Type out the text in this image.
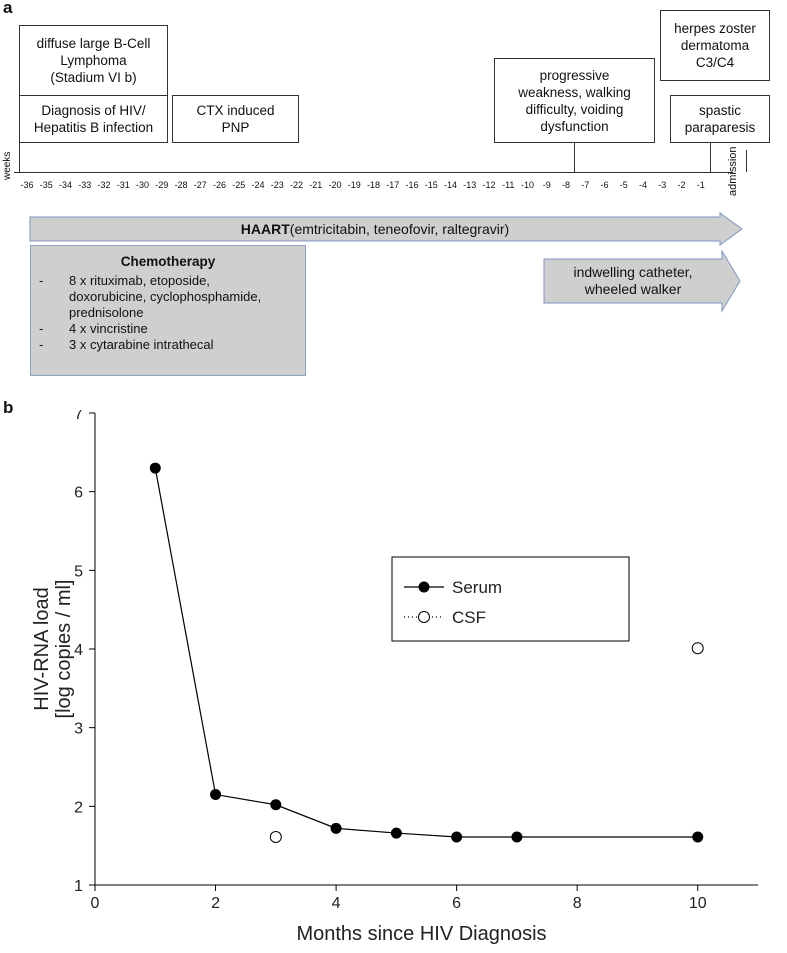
a
diffuse large B-Cell
Lymphoma
(Stadium VI b)
Diagnosis of HIV/
Hepatitis B infection
CTX induced
PNP
progressive
weakness, walking
difficulty, voiding
dysfunction
herpes zoster
dermatoma
C3/C4
spastic
paraparesis
weeks
-36 -35 -34 -33 -32 -31 -30 -29 -28 -27 -26 -25 -24 -23 -22 -21 -20 -19 -18 -17 -16 -15 -14 -13 -12 -11 -10 -9 -8 -7 -6 -5 -4 -3 -2 -1 admission
HAART (emtricitabin, teneofovir, raltegravir)
indwelling catheter,
wheeled walker
Chemotherapy
- 8 x rituximab, etoposide,
doxorubicine, cyclophosphamide,
prednisolone
- 4 x vincristine
- 3 x cytarabine intrathecal
b
0	2	4	6	8	10
1
2
3
4
5
6
7
Months since HIV Diagnosis
HIV-RNA load [log copies / ml]	Serum
CSF
